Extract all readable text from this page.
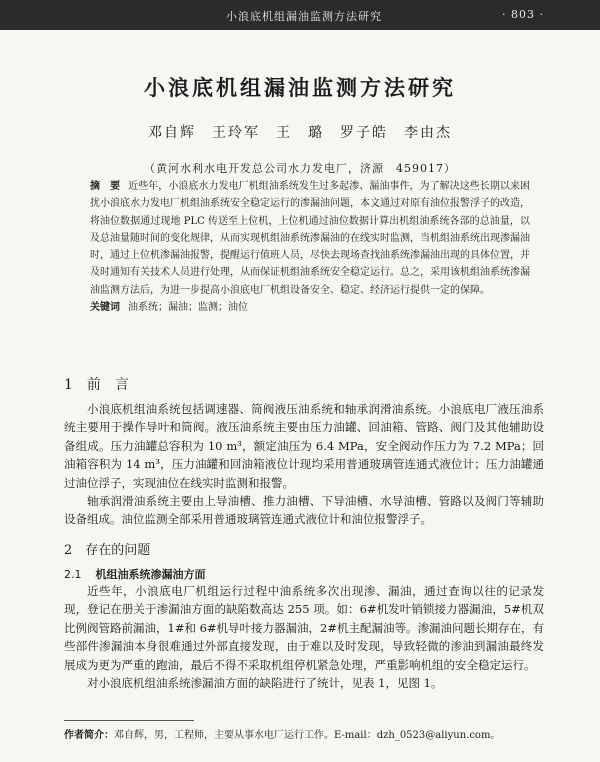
小浪底机组漏油监测方法研究	· 803 ·
小浪底机组漏油监测方法研究
邓自辉　王玲军　王　璐　罗子皓　李由杰
（黄河水利水电开发总公司水力发电厂，济源　459017）
摘　要 近些年，小浪底水力发电厂机组油系统发生过多起渗、漏油事件，为了解决这些长期以来困扰小浪底水力发电厂机组油系统安全稳定运行的渗漏油问题，本文通过对原有油位报警浮子的改造，将油位数据通过现地 PLC 传送至上位机，上位机通过油位数据计算出机组油系统各部的总油量，以及总油量随时间的变化规律，从而实现机组油系统渗漏油的在线实时监测，当机组油系统出现渗漏油时，通过上位机渗漏油报警，提醒运行值班人员，尽快去现场查找油系统渗漏油出现的具体位置，并及时通知有关技术人员进行处理，从而保证机组油系统安全稳定运行。总之，采用该机组油系统渗漏油监测方法后，为进一步提高小浪底电厂机组设备安全、稳定、经济运行提供一定的保障。
关键词 油系统；漏油；监测；油位
1　前　言

小浪底机组油系统包括调速器、筒阀液压油系统和轴承润滑油系统。小浪底电厂液压油系统主要用于操作导叶和筒阀。液压油系统主要由压力油罐、回油箱、管路、阀门及其他辅助设备组成。压力油罐总容积为 10 m³，额定油压为 6.4 MPa，安全阀动作压力为 7.2 MPa；回油箱容积为 14 m³，压力油罐和回油箱液位计现均采用普通玻璃管连通式液位计；压力油罐通过油位浮子，实现油位在线实时监测和报警。

轴承润滑油系统主要由上导油槽、推力油槽、下导油槽、水导油槽、管路以及阀门等辅助设备组成。油位监测全部采用普通玻璃管连通式液位计和油位报警浮子。

2　存在的问题
2.1 机组油系统渗漏油方面

近些年，小浪底电厂机组运行过程中油系统多次出现渗、漏油，通过查询以往的记录发现，登记在册关于渗漏油方面的缺陷数高达 255 项。如：6#机发叶销锁接力器漏油，5#机双比例阀管路前漏油，1#和 6#机导叶接力器漏油，2#机主配漏油等。渗漏油问题长期存在，有些部件渗漏油本身很难通过外部直接发现，由于难以及时发现，导致轻微的渗油到漏油最终发展成为更为严重的跑油，最后不得不采取机组停机紧急处理，严重影响机组的安全稳定运行。

对小浪底机组油系统渗漏油方面的缺陷进行了统计，见表 1，见图 1。

作者简介：邓自辉，男，工程师，主要从事水电厂运行工作。E-mail：dzh_0523@aliyun.com。
